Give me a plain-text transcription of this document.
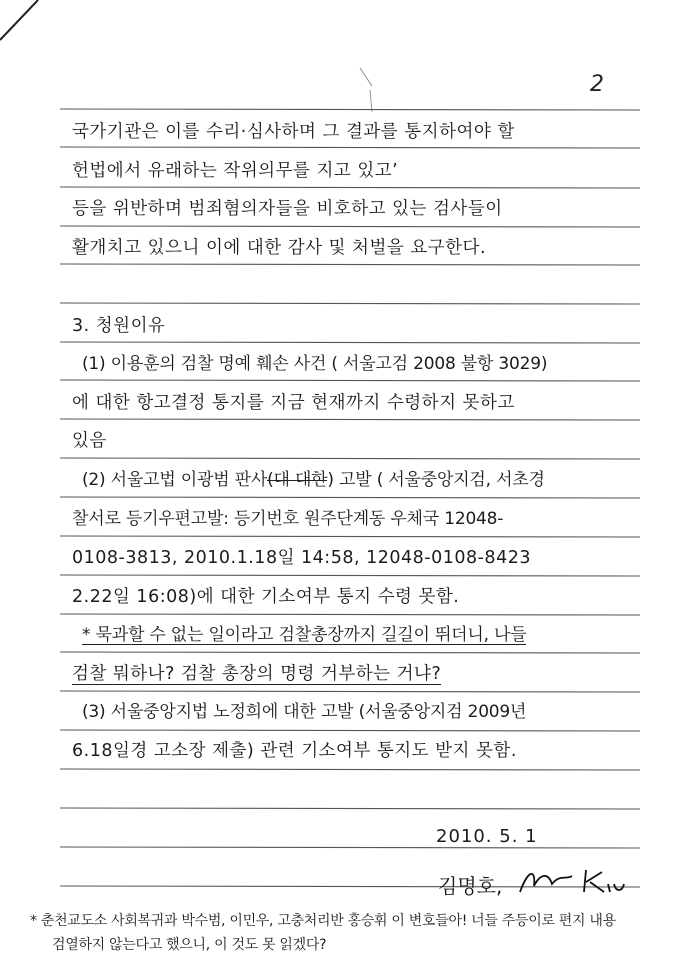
2
국가기관은 이를 수리·심사하며 그 결과를 통지하여야 할
헌법에서 유래하는 작위의무를 지고 있고’
등을 위반하며 범죄혐의자들을 비호하고 있는 검사들이
활개치고 있으니 이에 대한 감사 및 처벌을 요구한다.
3. 청원이유
(1) 이용훈의 검찰 명예 훼손 사건 ( 서울고검 2008 불항 3029)
에 대한 항고결정 통지를 지금 현재까지 수령하지 못하고
있음
(2) 서울고법 이광범 판사(대 대한) 고발 ( 서울중앙지검, 서초경
찰서로 등기우편고발: 등기번호 원주단계동 우체국 12048-
0108-3813, 2010.1.18일 14:58, 12048-0108-8423
2.22일 16:08)에 대한 기소여부 통지 수령 못함.
* 묵과할 수 없는 일이라고 검찰총장까지 길길이 뛰더니, 나들
검찰 뭐하나? 검찰 총장의 명령 거부하는 거냐?
(3) 서울중앙지법 노정희에 대한 고발 (서울중앙지검 2009년
6.18일경 고소장 제출) 관련 기소여부 통지도 받지 못함.
2010. 5. 1
김명호,
* 춘천교도소 사회복귀과 박수범, 이민우, 고충처리반 홍승휘 이 변호들아! 너들 주등이로 편지 내용
검열하지 않는다고 했으니, 이 것도 못 읽겠다?
